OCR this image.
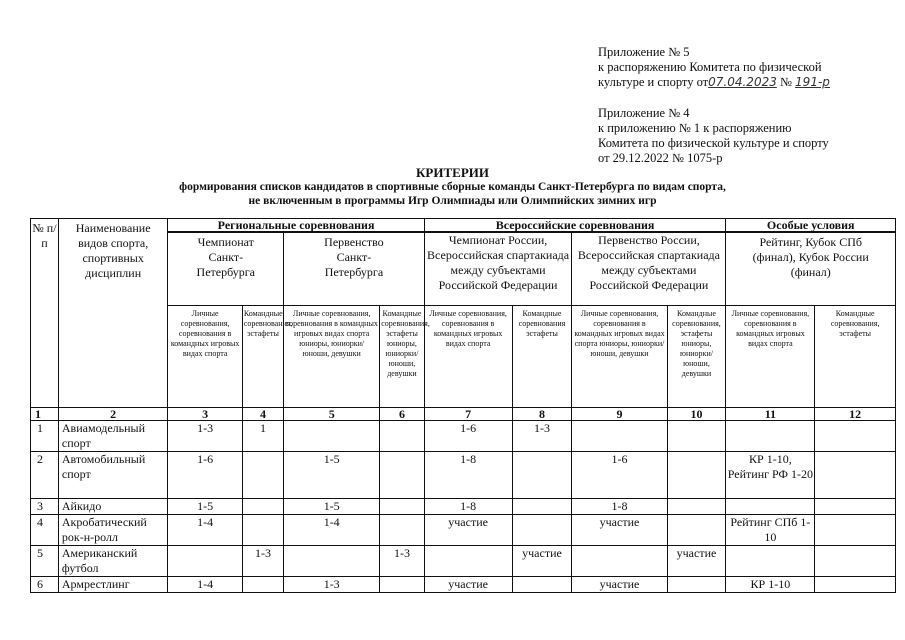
Приложение № 5
к распоряжению Комитета по физической
культуре и спорту от07.04.2023 № 191-р
Приложение № 4
к приложению № 1 к распоряжению
Комитета по физической культуре и спорту
от 29.12.2022 № 1075-р
КРИТЕРИИ
формирования списков кандидатов в спортивные сборные команды Санкт-Петербурга по видам спорта,
не включенным в программы Игр Олимпиады или Олимпийских зимних игр
№ п/п	Наименование видов спорта, спортивных дисциплин	Региональные соревнования				Всероссийские соревнования				Особые условия	
		Чемпионат Санкт-Петербурга		Первенство Санкт-Петербурга		Чемпионат России, Всероссийская спартакиада между субъектами Российской Федерации		Первенство России, Всероссийская спартакиада между субъектами Российской Федерации		Рейтинг, Кубок СПб (финал), Кубок России (финал)	
		Личные соревнования, соревнования в командных игровых видах спорта	Командные соревнования, эстафеты	Личные соревнования, соревнования в командных игровых видах спорта юниоры, юниорки/ юноши, девушки	Командные соревнования, эстафеты юниоры, юниорки/ юноши, девушки	Личные соревнования, соревнования в командных игровых видах спорта	Командные соревнования эстафеты	Личные соревнования, соревнования в командных игровых видах спорта юниоры, юниорки/ юноши, девушки	Командные соревнования, эстафеты юниоры, юниорки/ юноши, девушки	Личные соревнования, соревнования в командных игровых видах спорта	Командные соревнования, эстафеты
1	2	3	4	5	6	7	8	9	10	11	12
1	Авиамодельный спорт	1-3	1			1-6	1-3				
2	Автомобильный спорт	1-6		1-5		1-8		1-6		КР 1-10, Рейтинг РФ 1-20	
3	Айкидо	1-5		1-5		1-8		1-8			
4	Акробатический рок-н-ролл	1-4		1-4		участие		участие		Рейтинг СПб 1-10	
5	Американский футбол		1-3		1-3		участие		участие		
6	Армрестлинг	1-4		1-3		участие		участие		КР 1-10	
